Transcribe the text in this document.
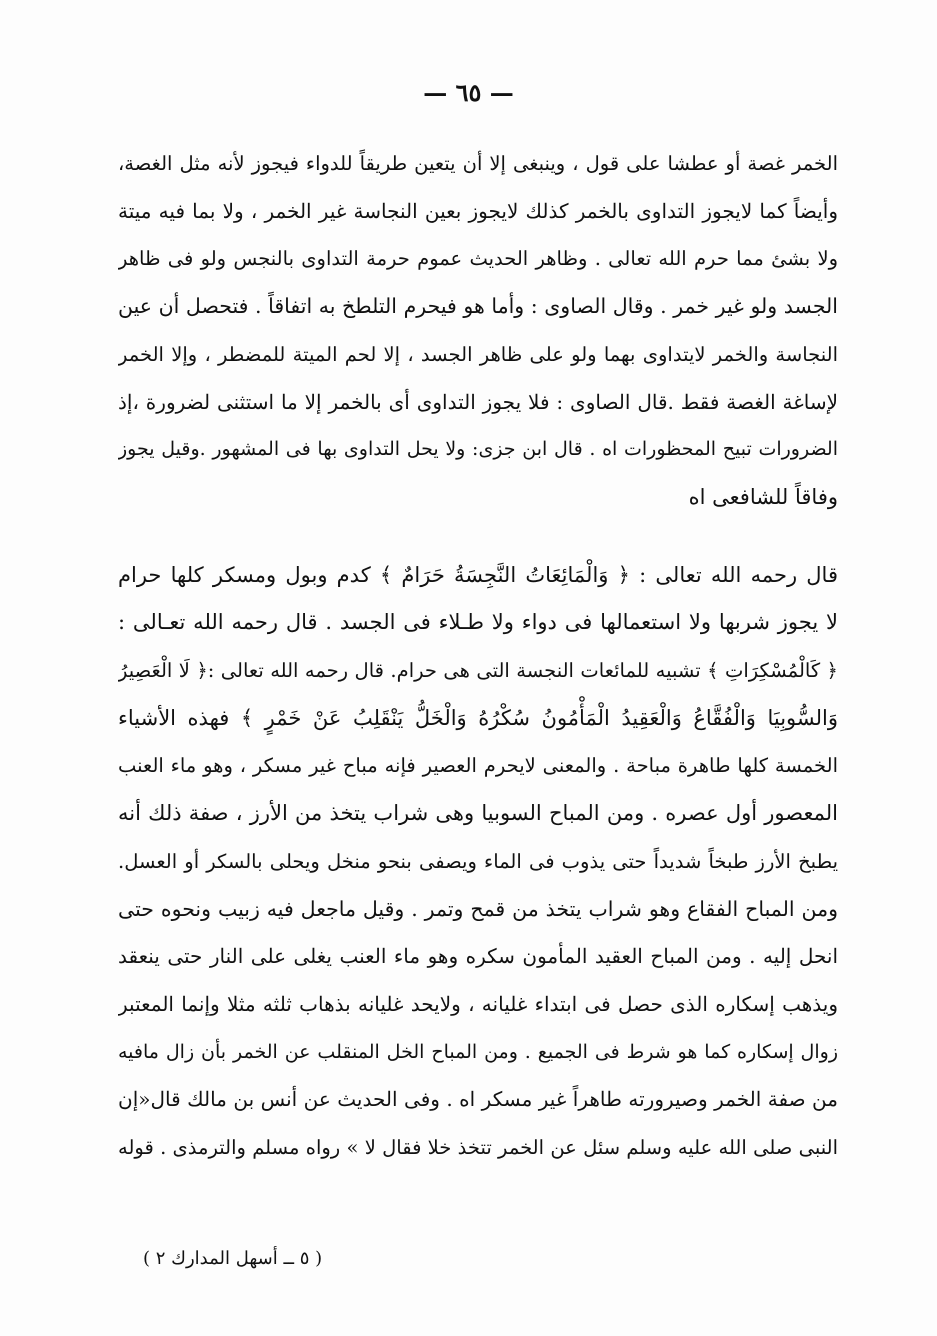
— ٦٥ —
الخمر غصة أو عطشا على قول ، وينبغى إلا أن يتعين طريقاً للدواء فيجوز لأنه مثل الغصة،
وأيضاً كما لايجوز التداوى بالخمر كذلك لايجوز بعين النجاسة غير الخمر ، ولا بما فيه ميتة
ولا بشئ مما حرم الله تعالى . وظاهر الحديث عموم حرمة التداوى بالنجس ولو فى ظاهر
الجسد ولو غير خمر . وقال الصاوى : وأما هو فيحرم التلطخ به اتفاقاً . فتحصل أن عين
النجاسة والخمر لايتداوى بهما ولو على ظاهر الجسد ، إلا لحم الميتة للمضطر ، وإلا الخمر
لإساغة الغصة فقط .قال الصاوى : فلا يجوز التداوى أى بالخمر إلا ما استثنى لضرورة ،إذ
الضرورات تبيح المحظورات اه . قال ابن جزى: ولا يحل التداوى بها فى المشهور .وقيل يجوز
وفاقاً للشافعى اه
قال رحمه الله تعالى : ﴿ وَالْمَائِعَاتُ النَّجِسَةُ حَرَامٌ ﴾ كدم وبول ومسكر كلها حرام
لا يجوز شربها ولا استعمالها فى دواء ولا طـلاء فى الجسد . قال رحمه الله تعـالى :
﴿ كَالْمُسْكِرَاتِ ﴾ تشبيه للمائعات النجسة التى هى حرام. قال رحمه الله تعالى :﴿ لَا الْعَصِيرُ
وَالسُّوبِيَا وَالْفُقَّاعُ وَالْعَقِيدُ الْمَأْمُونُ سُكْرُهُ وَالْخَلُّ يَنْقَلِبُ عَنْ خَمْرٍ ﴾ فهذه الأشياء
الخمسة كلها طاهرة مباحة . والمعنى لايحرم العصير فإنه مباح غير مسكر ، وهو ماء العنب
المعصور أول عصره . ومن المباح السوبيا وهى شراب يتخذ من الأرز ، صفة ذلك أنه
يطبخ الأرز طبخاً شديداً حتى يذوب فى الماء ويصفى بنحو منخل ويحلى بالسكر أو العسل.
ومن المباح الفقاع وهو شراب يتخذ من قمح وتمر . وقيل ماجعل فيه زبيب ونحوه حتى
انحل إليه . ومن المباح العقيد المأمون سكره وهو ماء العنب يغلى على النار حتى ينعقد
ويذهب إسكاره الذى حصل فى ابتداء غليانه ، ولايحد غليانه بذهاب ثلثه مثلا وإنما المعتبر
زوال إسكاره كما هو شرط فى الجميع . ومن المباح الخل المنقلب عن الخمر بأن زال مافيه
من صفة الخمر وصيرورته طاهراً غير مسكر اه . وفى الحديث عن أنس بن مالك قال«إن
النبى صلى الله عليه وسلم سئل عن الخمر تتخذ خلا فقال لا » رواه مسلم والترمذى . قوله
( ٥ ــ أسهل المدارك ٢ )
